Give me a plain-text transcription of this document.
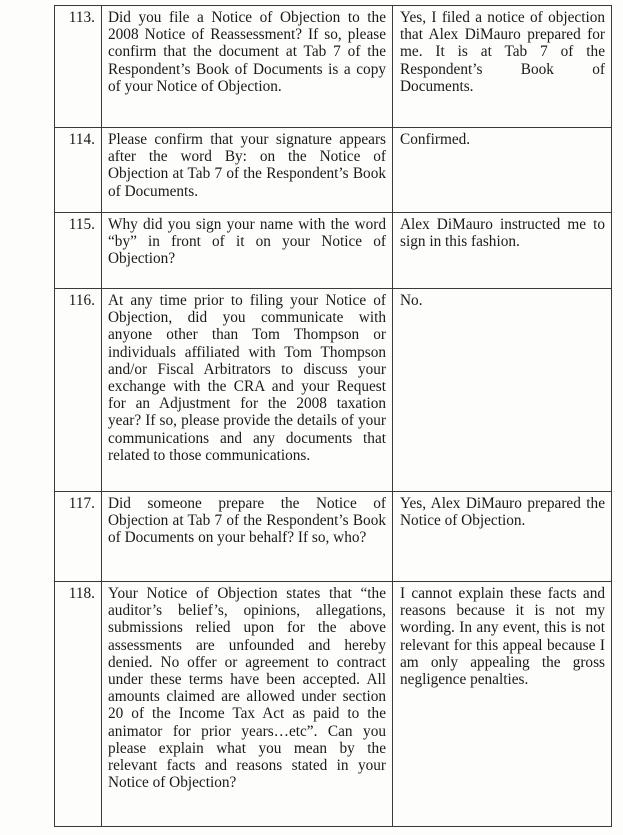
113.	Did you file a Notice of Objection to the 2008 Notice of Reassessment? If so, please confirm that the document at Tab 7 of the Respondent’s Book of Documents is a copy of your Notice of Objection.	Yes, I filed a notice of objection that Alex DiMauro prepared for me. It is at Tab 7 of the Respondent’s Book of Documents.
114.	Please confirm that your signature appears after the word By: on the Notice of Objection at Tab 7 of the Respondent’s Book of Documents.	Confirmed.
115.	Why did you sign your name with the word “by” in front of it on your Notice of Objection?	Alex DiMauro instructed me to sign in this fashion.
116.	At any time prior to filing your Notice of Objection, did you communicate with anyone other than Tom Thompson or individuals affiliated with Tom Thompson and/or Fiscal Arbitrators to discuss your exchange with the CRA and your Request for an Adjustment for the 2008 taxation year? If so, please provide the details of your communications and any documents that related to those communications.	No.
117.	Did someone prepare the Notice of Objection at Tab 7 of the Respondent’s Book of Documents on your behalf? If so, who?	Yes, Alex DiMauro prepared the Notice of Objection.
118.	Your Notice of Objection states that “the auditor’s belief’s, opinions, allegations, submissions relied upon for the above assessments are unfounded and hereby denied. No offer or agreement to contract under these terms have been accepted. All amounts claimed are allowed under section 20 of the Income Tax Act as paid to the animator for prior years…etc”. Can you please explain what you mean by the relevant facts and reasons stated in your Notice of Objection?	I cannot explain these facts and reasons because it is not my wording. In any event, this is not relevant for this appeal because I am only appealing the gross negligence penalties.
